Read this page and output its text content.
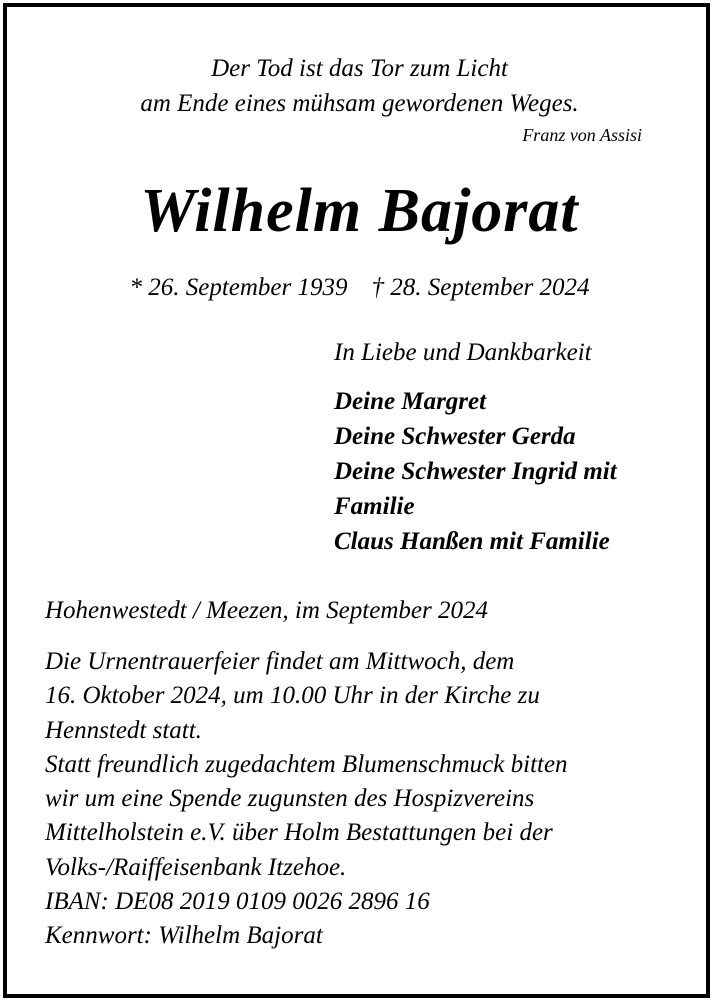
Der Tod ist das Tor zum Licht
am Ende eines mühsam gewordenen Weges.
Franz von Assisi
Wilhelm Bajorat
* 26. September 1939 † 28. September 2024
In Liebe und Dankbarkeit
Deine Margret
Deine Schwester Gerda
Deine Schwester Ingrid mit
Familie
Claus Hanßen mit Familie
Hohenwestedt / Meezen, im September 2024
Die Urnentrauerfeier findet am Mittwoch, dem
16. Oktober 2024, um 10.00 Uhr in der Kirche zu
Hennstedt statt.
Statt freundlich zugedachtem Blumenschmuck bitten
wir um eine Spende zugunsten des Hospizvereins
Mittelholstein e.V. über Holm Bestattungen bei der
Volks-/Raiffeisenbank Itzehoe.
IBAN: DE08 2019 0109 0026 2896 16
Kennwort: Wilhelm Bajorat
